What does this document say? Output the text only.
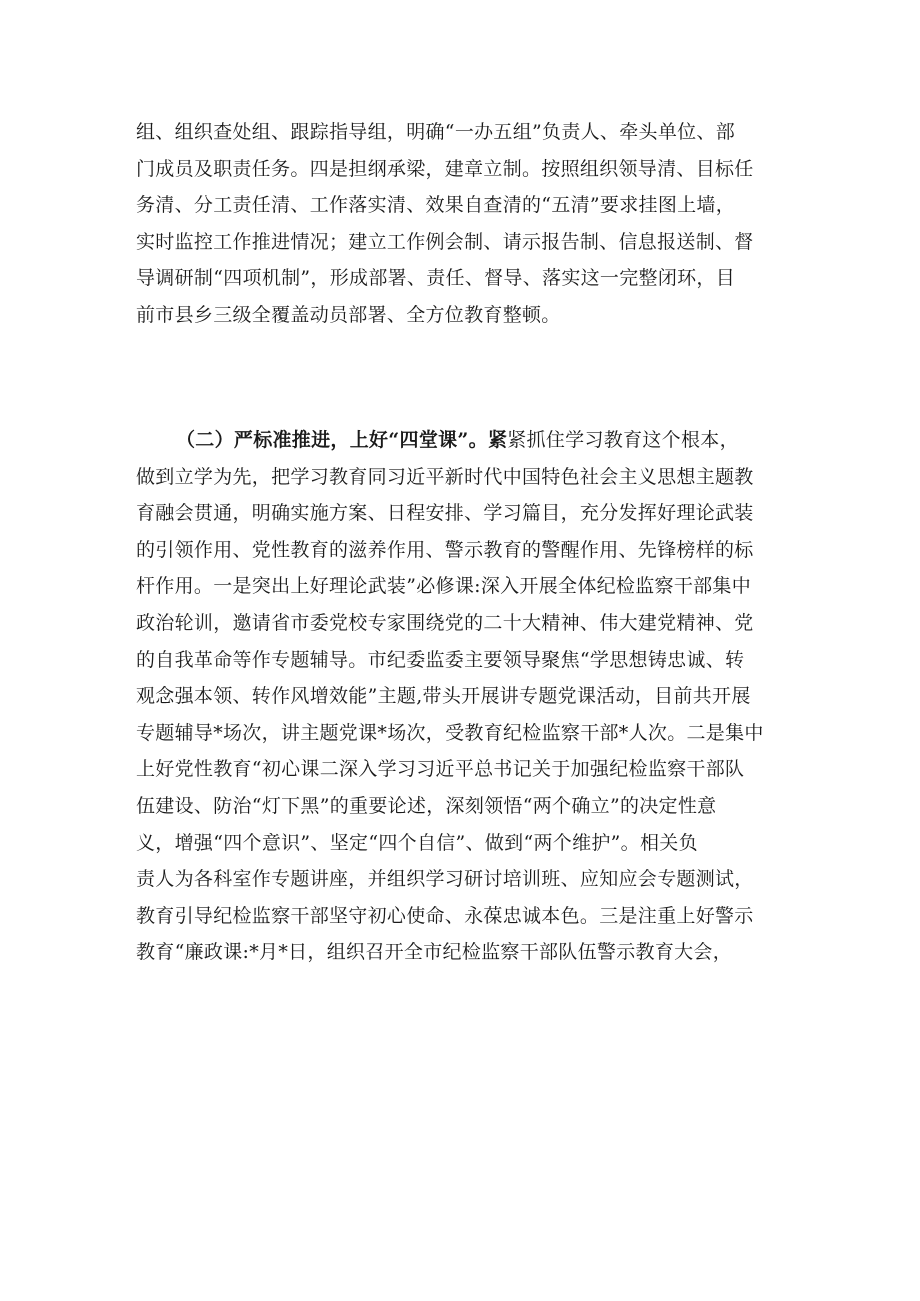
组、组织查处组、跟踪指导组，明确“一办五组”负责人、牵头单位、部
门成员及职责任务。四是担纲承梁，建章立制。按照组织领导清、目标任
务清、分工责任清、工作落实清、效果自查清的“五清”要求挂图上墙，
实时监控工作推进情况；建立工作例会制、请示报告制、信息报送制、督
导调研制“四项机制”，形成部署、责任、督导、落实这一完整闭环，目
前市县乡三级全覆盖动员部署、全方位教育整顿。
（二）严标准推进，上好“四堂课”。紧紧抓住学习教育这个根本，
做到立学为先，把学习教育同习近平新时代中国特色社会主义思想主题教
育融会贯通，明确实施方案、日程安排、学习篇目，充分发挥好理论武装
的引领作用、党性教育的滋养作用、警示教育的警醒作用、先锋榜样的标
杆作用。一是突出上好理论武装”必修课:深入开展全体纪检监察干部集中
政治轮训，邀请省市委党校专家围绕党的二十大精神、伟大建党精神、党
的自我革命等作专题辅导。市纪委监委主要领导聚焦“学思想铸忠诚、转
观念强本领、转作风增效能”主题,带头开展讲专题党课活动，目前共开展
专题辅导*场次，讲主题党课*场次，受教育纪检监察干部*人次。二是集中
上好党性教育“初心课二深入学习习近平总书记关于加强纪检监察干部队
伍建设、防治“灯下黑”的重要论述，深刻领悟“两个确立”的决定性意
义，增强“四个意识”、坚定“四个自信”、做到“两个维护”。相关负
责人为各科室作专题讲座，并组织学习研讨培训班、应知应会专题测试，
教育引导纪检监察干部坚守初心使命、永葆忠诚本色。三是注重上好警示
教育“廉政课:*月*日，组织召开全市纪检监察干部队伍警示教育大会，
